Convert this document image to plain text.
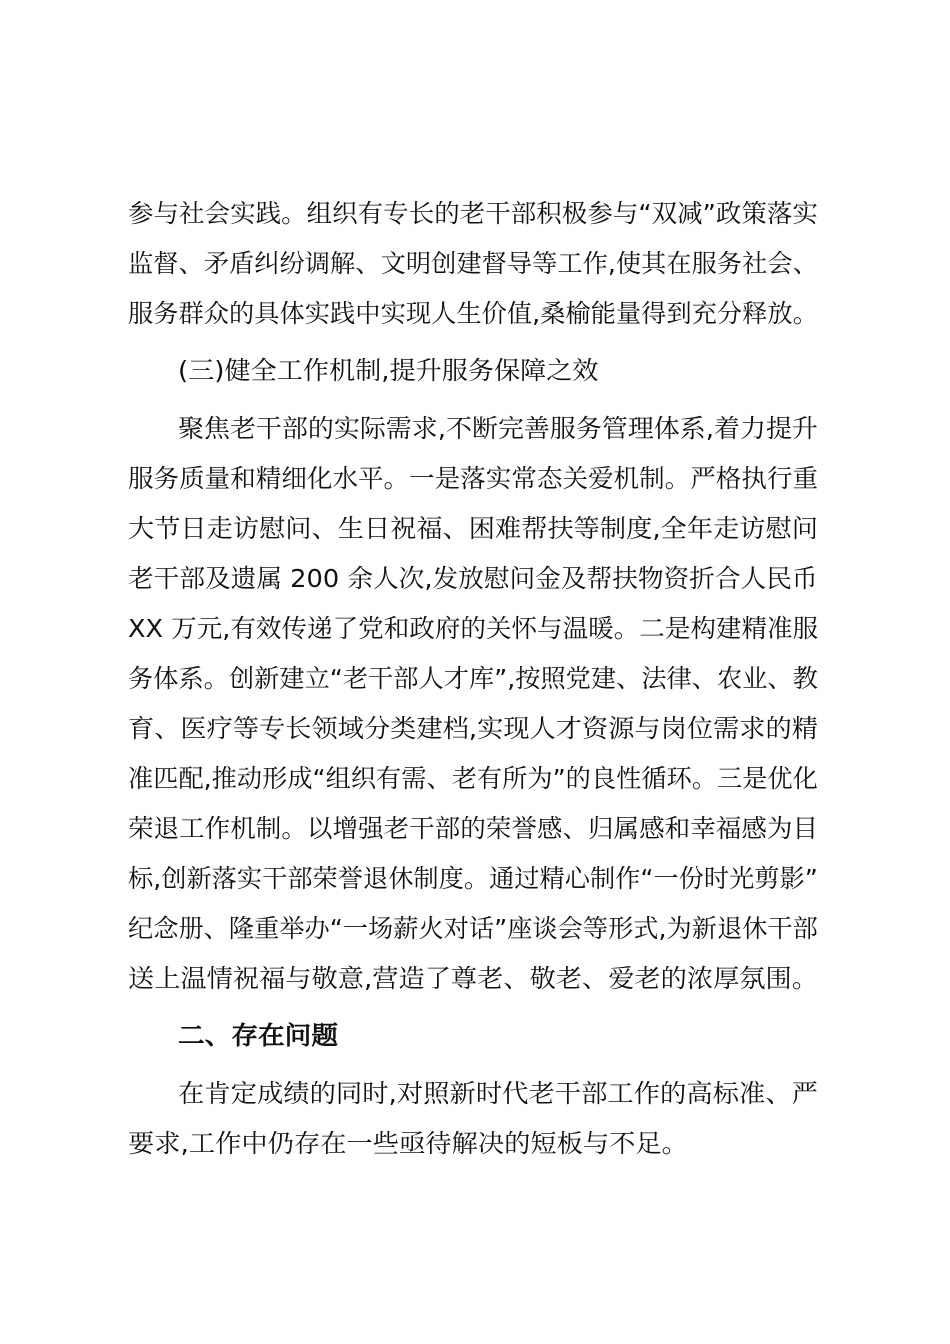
参与社会实践。组织有专长的老干部积极参与“双减”政策落实

监督、矛盾纠纷调解、文明创建督导等工作,使其在服务社会、

服务群众的具体实践中实现人生价值,桑榆能量得到充分释放。

(三)健全工作机制,提升服务保障之效

聚焦老干部的实际需求,不断完善服务管理体系,着力提升

服务质量和精细化水平。一是落实常态关爱机制。严格执行重

大节日走访慰问、生日祝福、困难帮扶等制度,全年走访慰问

老干部及遗属 200 余人次,发放慰问金及帮扶物资折合人民币

XX 万元,有效传递了党和政府的关怀与温暖。二是构建精准服

务体系。创新建立“老干部人才库”,按照党建、法律、农业、教

育、医疗等专长领域分类建档,实现人才资源与岗位需求的精

准匹配,推动形成“组织有需、老有所为”的良性循环。三是优化

荣退工作机制。以增强老干部的荣誉感、归属感和幸福感为目

标,创新落实干部荣誉退休制度。通过精心制作“一份时光剪影”

纪念册、隆重举办“一场薪火对话”座谈会等形式,为新退休干部

送上温情祝福与敬意,营造了尊老、敬老、爱老的浓厚氛围。

二、存在问题

在肯定成绩的同时,对照新时代老干部工作的高标准、严

要求,工作中仍存在一些亟待解决的短板与不足。
